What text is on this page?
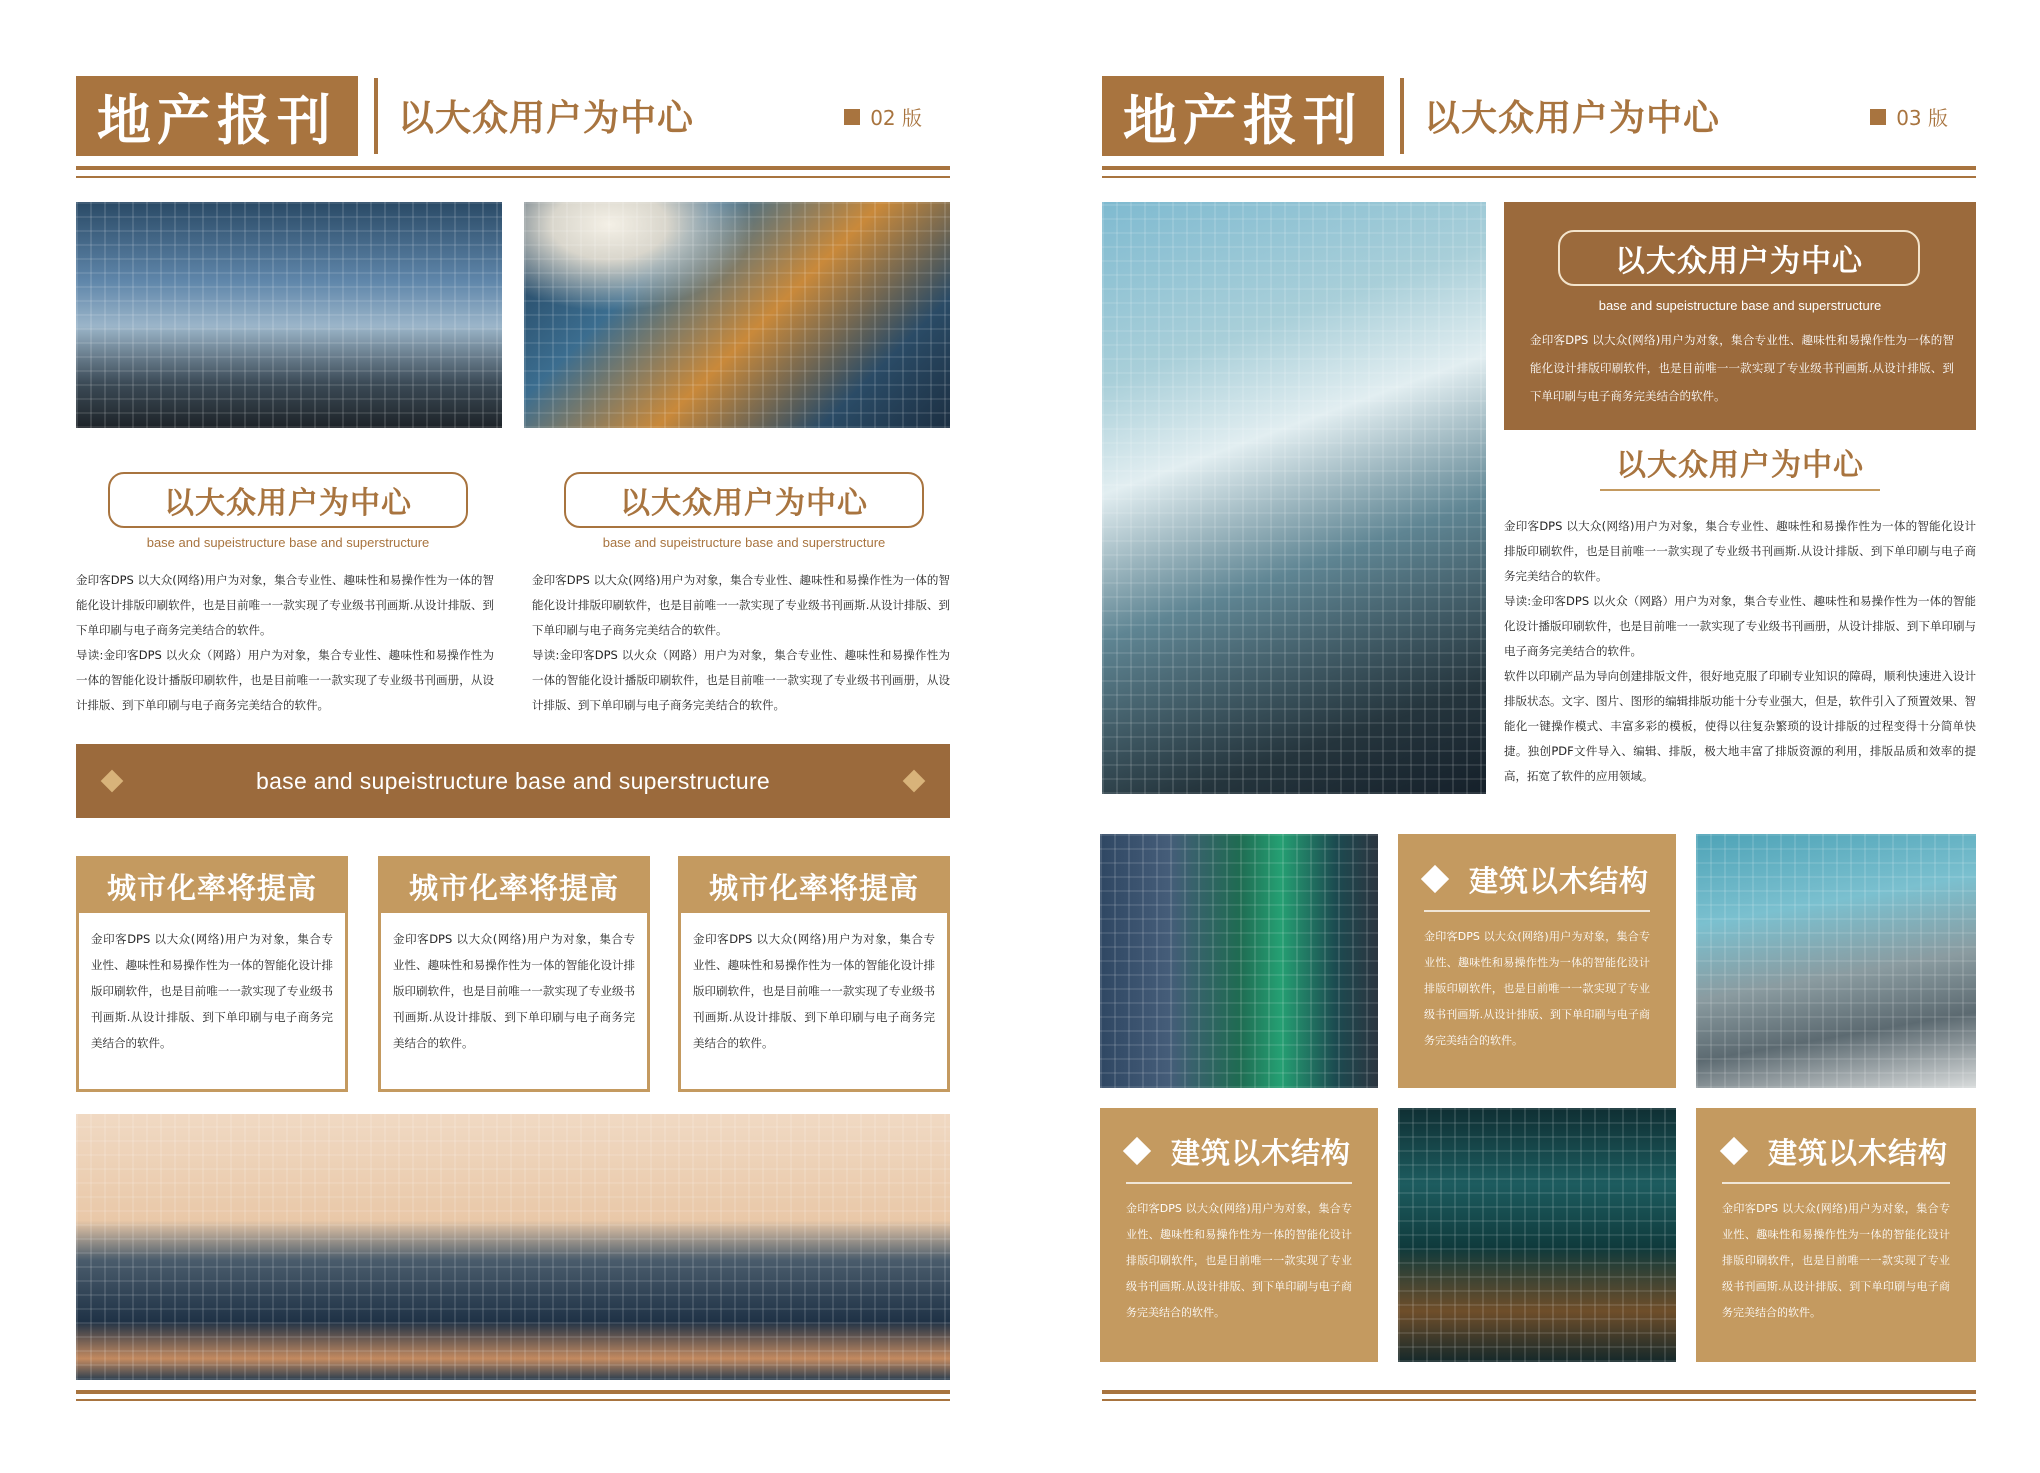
地产报刊	以大众用户为中心	02 版
以大众用户为中心
base and supeistructure base and superstructure
金印客DPS 以大众(网络)用户为对象，集合专业性、趣味性和易操作性为一体的智能化设计排版印刷软件，也是目前唯一一款实现了专业级书刊画斯.从设计排版、到下单印刷与电子商务完美结合的软件。
导读:金印客DPS 以火众（网路）用户为对象，集合专业性、趣味性和易操作性为一体的智能化设计播版印刷软件，也是目前唯一一款实现了专业级书刊画册，从设计排版、到下单印刷与电子商务完美结合的软件。
以大众用户为中心
base and supeistructure base and superstructure
金印客DPS 以大众(网络)用户为对象，集合专业性、趣味性和易操作性为一体的智能化设计排版印刷软件，也是目前唯一一款实现了专业级书刊画斯.从设计排版、到下单印刷与电子商务完美结合的软件。
导读:金印客DPS 以火众（网路）用户为对象，集合专业性、趣味性和易操作性为一体的智能化设计播版印刷软件，也是目前唯一一款实现了专业级书刊画册，从设计排版、到下单印刷与电子商务完美结合的软件。
base and supeistructure base and superstructure
城市化率将提高
金印客DPS 以大众(网络)用户为对象，集合专业性、趣味性和易操作性为一体的智能化设计排版印刷软件，也是目前唯一一款实现了专业级书刊画斯.从设计排版、到下单印刷与电子商务完美结合的软件。
城市化率将提高
金印客DPS 以大众(网络)用户为对象，集合专业性、趣味性和易操作性为一体的智能化设计排版印刷软件，也是目前唯一一款实现了专业级书刊画斯.从设计排版、到下单印刷与电子商务完美结合的软件。
城市化率将提高
金印客DPS 以大众(网络)用户为对象，集合专业性、趣味性和易操作性为一体的智能化设计排版印刷软件，也是目前唯一一款实现了专业级书刊画斯.从设计排版、到下单印刷与电子商务完美结合的软件。
地产报刊	以大众用户为中心	03 版
以大众用户为中心
base and supeistructure base and superstructure
金印客DPS 以大众(网络)用户为对象，集合专业性、趣味性和易操作性为一体的智能化设计排版印刷软件，也是目前唯一一款实现了专业级书刊画斯.从设计排版、到下单印刷与电子商务完美结合的软件。
以大众用户为中心
金印客DPS 以大众(网络)用户为对象，集合专业性、趣味性和易操作性为一体的智能化设计排版印刷软件，也是目前唯一一款实现了专业级书刊画斯.从设计排版、到下单印刷与电子商务完美结合的软件。
导读:金印客DPS 以火众（网路）用户为对象，集合专业性、趣味性和易操作性为一体的智能化设计播版印刷软件，也是目前唯一一款实现了专业级书刊画册，从设计排版、到下单印刷与电子商务完美结合的软件。
软件以印刷产品为导向创建排版文件，很好地克服了印刷专业知识的障碍，顺利快速进入设计排版状态。文字、图片、图形的编辑排版功能十分专业强大，但是，软件引入了预置效果、智能化一键操作模式、丰富多彩的模板，使得以往复杂繁琐的设计排版的过程变得十分简单快捷。独创PDF文件导入、编辑、排版，极大地丰富了排版资源的利用，排版品质和效率的提高，拓宽了软件的应用领域。
建筑以木结构
金印客DPS 以大众(网络)用户为对象，集合专业性、趣味性和易操作性为一体的智能化设计排版印刷软件，也是目前唯一一款实现了专业级书刊画斯.从设计排版、到下单印刷与电子商务完美结合的软件。
建筑以木结构
金印客DPS 以大众(网络)用户为对象，集合专业性、趣味性和易操作性为一体的智能化设计排版印刷软件，也是目前唯一一款实现了专业级书刊画斯.从设计排版、到下单印刷与电子商务完美结合的软件。
建筑以木结构
金印客DPS 以大众(网络)用户为对象，集合专业性、趣味性和易操作性为一体的智能化设计排版印刷软件，也是目前唯一一款实现了专业级书刊画斯.从设计排版、到下单印刷与电子商务完美结合的软件。
